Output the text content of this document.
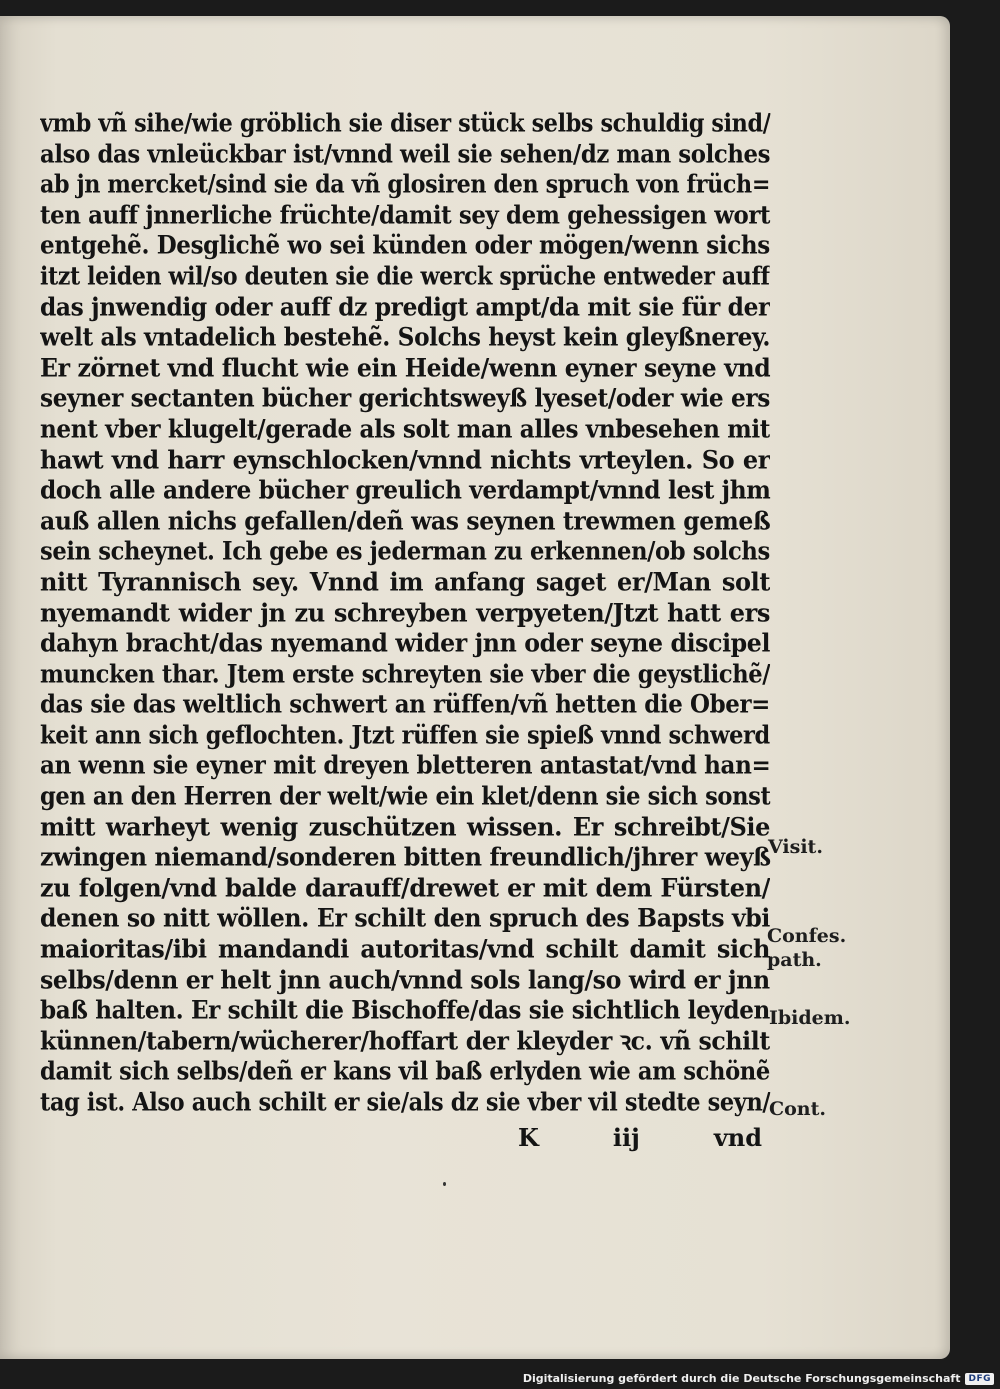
vmb vñ sihe/wie gröblich sie diser stück selbs schuldig sind/
also das vnleückbar ist/vnnd weil sie sehen/dz man solches
ab jn mercket/sind sie da vñ glosiren den spruch von früch=
ten auff jnnerliche früchte/damit sey dem gehessigen wort
entgehẽ. Desglichẽ wo sei künden oder mögen/wenn sichs
itzt leiden wil/so deuten sie die werck sprüche entweder auff
das jnwendig oder auff dz predigt ampt/da mit sie für der
welt als vntadelich bestehẽ. Solchs heyst kein gleyßnerey.
Er zörnet vnd flucht wie ein Heide/wenn eyner seyne vnd
seyner sectanten bücher gerichtsweyß lyeset/oder wie ers
nent vber klugelt/gerade als solt man alles vnbesehen mit
hawt vnd harr eynschlocken/vnnd nichts vrteylen. So er
doch alle andere bücher greulich verdampt/vnnd lest jhm
auß allen nichs gefallen/deñ was seynen trewmen gemeß
sein scheynet. Ich gebe es jederman zu erkennen/ob solchs
nitt Tyrannisch sey. Vnnd im anfang saget er/Man solt
nyemandt wider jn zu schreyben verpyeten/Jtzt hatt ers
dahyn bracht/das nyemand wider jnn oder seyne discipel
muncken thar. Jtem erste schreyten sie vber die geystlichẽ/
das sie das weltlich schwert an rüffen/vñ hetten die Ober=
keit ann sich geflochten. Jtzt rüffen sie spieß vnnd schwerd
an wenn sie eyner mit dreyen bletteren antastat/vnd han=
gen an den Herren der welt/wie ein klet/denn sie sich sonst
mitt warheyt wenig zuschützen wissen. Er schreibt/Sie
zwingen niemand/sonderen bitten freundlich/jhrer weyß
zu folgen/vnd balde darauff/drewet er mit dem Fürsten/
denen so nitt wöllen. Er schilt den spruch des Bapsts vbi
maioritas/ibi mandandi autoritas/vnd schilt damit sich
selbs/denn er helt jnn auch/vnnd sols lang/so wird er jnn
baß halten. Er schilt die Bischoffe/das sie sichtlich leyden
künnen/tabern/wücherer/hoffart der kleyder ꝛc. vñ schilt
damit sich selbs/deñ er kans vil baß erlyden wie am schönẽ
tag ist. Also auch schilt er sie/als dz sie vber vil stedte seyn/
K	iij	vnd
Visit.
Confes.
path.
Ibidem.
Cont.
Digitalisierung gefördert durch die Deutsche Forschungsgemeinschaft DFG
